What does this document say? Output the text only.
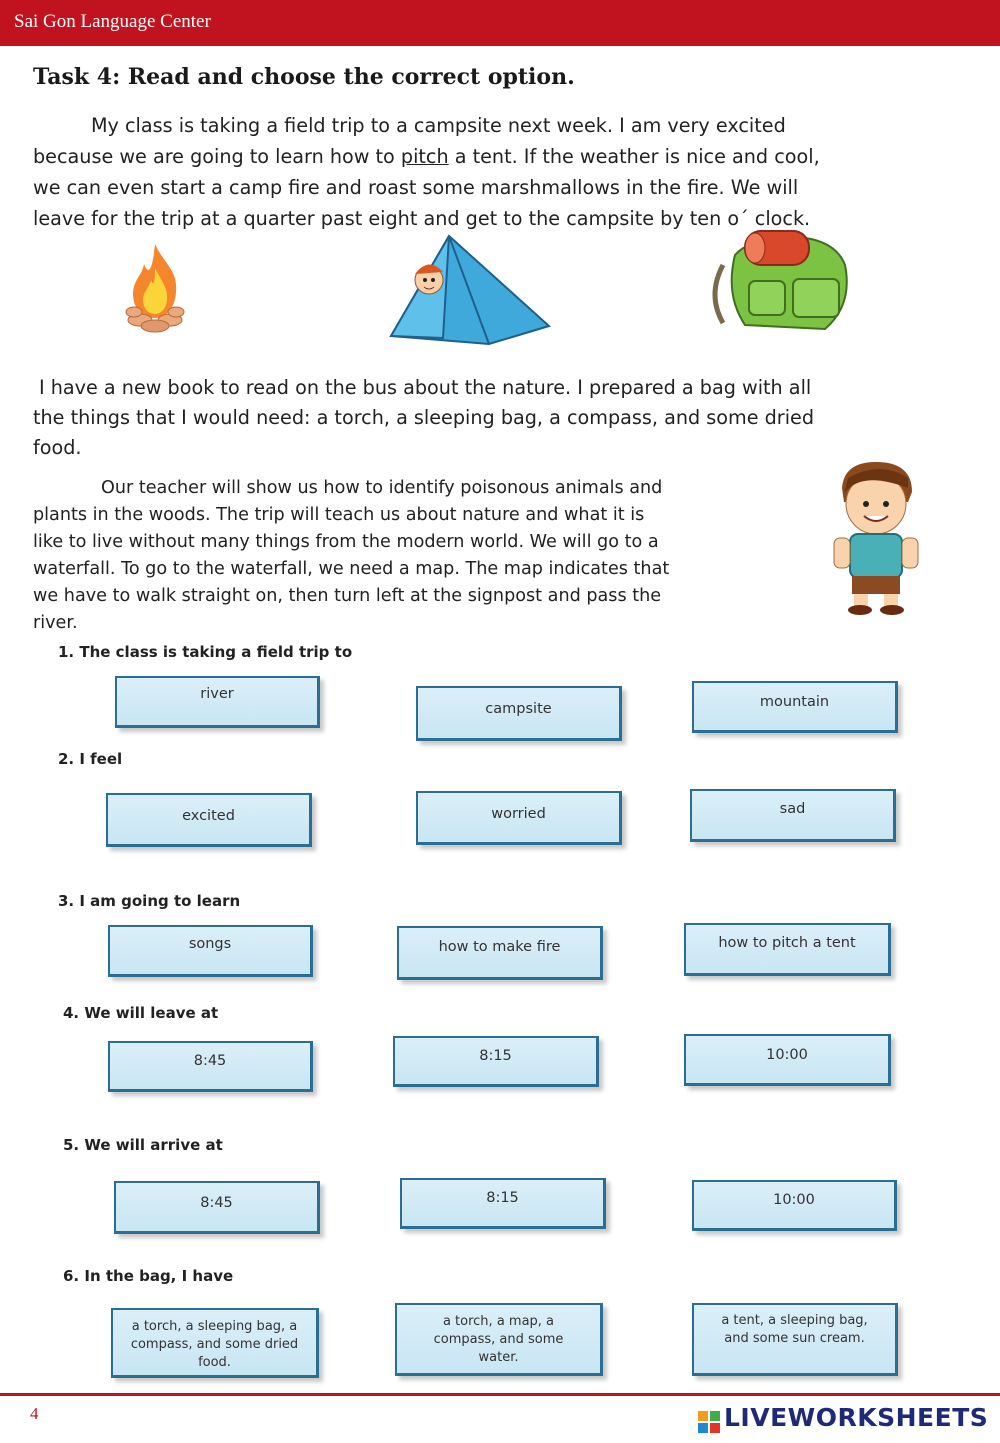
Sai Gon Language Center
Task 4: Read and choose the correct option.

My class is taking a field trip to a campsite next week. I am very excited

because we are going to learn how to pitch a tent. If the weather is nice and cool,

we can even start a camp fire and roast some marshmallows in the fire. We will

leave for the trip at a quarter past eight and get to the campsite by ten o´ clock.

I have a new book to read on the bus about the nature. I prepared a bag with all

the things that I would need: a torch, a sleeping bag, a compass, and some dried

food.

Our teacher will show us how to identify poisonous animals and

plants in the woods. The trip will teach us about nature and what it is

like to live without many things from the modern world. We will go to a

waterfall. To go to the waterfall, we need a map. The map indicates that

we have to walk straight on, then turn left at the signpost and pass the

river.

1. The class is taking a field trip to
river
campsite	mountain
2. I feel
excited	worried	sad
3. I am going to learn
songs	how to make fire	how to pitch a tent
4. We will leave at
8:45	8:15	10:00
5. We will arrive at
8:45	8:15	10:00
6. In the bag, I have
a torch, a sleeping bag, a compass, and some dried food.
a torch, a map, a compass, and some water.
a tent, a sleeping bag, and some sun cream.
4	LIVEWORKSHEETS
